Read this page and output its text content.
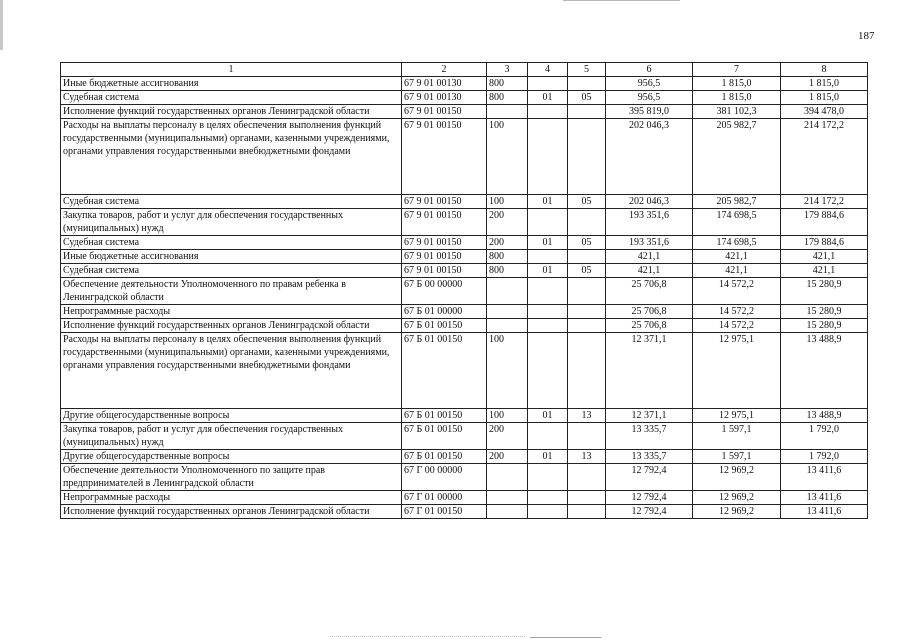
187
1	2	3	4	5	6	7	8
Иные бюджетные ассигнования	67 9 01 00130	800			956,5	1 815,0	1 815,0
Судебная система	67 9 01 00130	800	01	05	956,5	1 815,0	1 815,0
Исполнение функций государственных органов Ленинградской области	67 9 01 00150				395 819,0	381 102,3	394 478,0
Расходы на выплаты персоналу в целях обеспечения выполнения функций государственными (муниципальными) органами, казенными учреждениями, органами управления государственными внебюджетными фондами	67 9 01 00150	100			202 046,3	205 982,7	214 172,2
Судебная система	67 9 01 00150	100	01	05	202 046,3	205 982,7	214 172,2
Закупка товаров, работ и услуг для обеспечения государственных (муниципальных) нужд	67 9 01 00150	200			193 351,6	174 698,5	179 884,6
Судебная система	67 9 01 00150	200	01	05	193 351,6	174 698,5	179 884,6
Иные бюджетные ассигнования	67 9 01 00150	800			421,1	421,1	421,1
Судебная система	67 9 01 00150	800	01	05	421,1	421,1	421,1
Обеспечение деятельности Уполномоченного по правам ребенка в Ленинградской области	67 Б 00 00000				25 706,8	14 572,2	15 280,9
Непрограммные расходы	67 Б 01 00000				25 706,8	14 572,2	15 280,9
Исполнение функций государственных органов Ленинградской области	67 Б 01 00150				25 706,8	14 572,2	15 280,9
Расходы на выплаты персоналу в целях обеспечения выполнения функций государственными (муниципальными) органами, казенными учреждениями, органами управления государственными внебюджетными фондами	67 Б 01 00150	100			12 371,1	12 975,1	13 488,9
Другие общегосударственные вопросы	67 Б 01 00150	100	01	13	12 371,1	12 975,1	13 488,9
Закупка товаров, работ и услуг для обеспечения государственных (муниципальных) нужд	67 Б 01 00150	200			13 335,7	1 597,1	1 792,0
Другие общегосударственные вопросы	67 Б 01 00150	200	01	13	13 335,7	1 597,1	1 792,0
Обеспечение деятельности Уполномоченного по защите прав предпринимателей в Ленинградской области	67 Г 00 00000				12 792,4	12 969,2	13 411,6
Непрограммные расходы	67 Г 01 00000				12 792,4	12 969,2	13 411,6
Исполнение функций государственных органов Ленинградской области	67 Г 01 00150				12 792,4	12 969,2	13 411,6
